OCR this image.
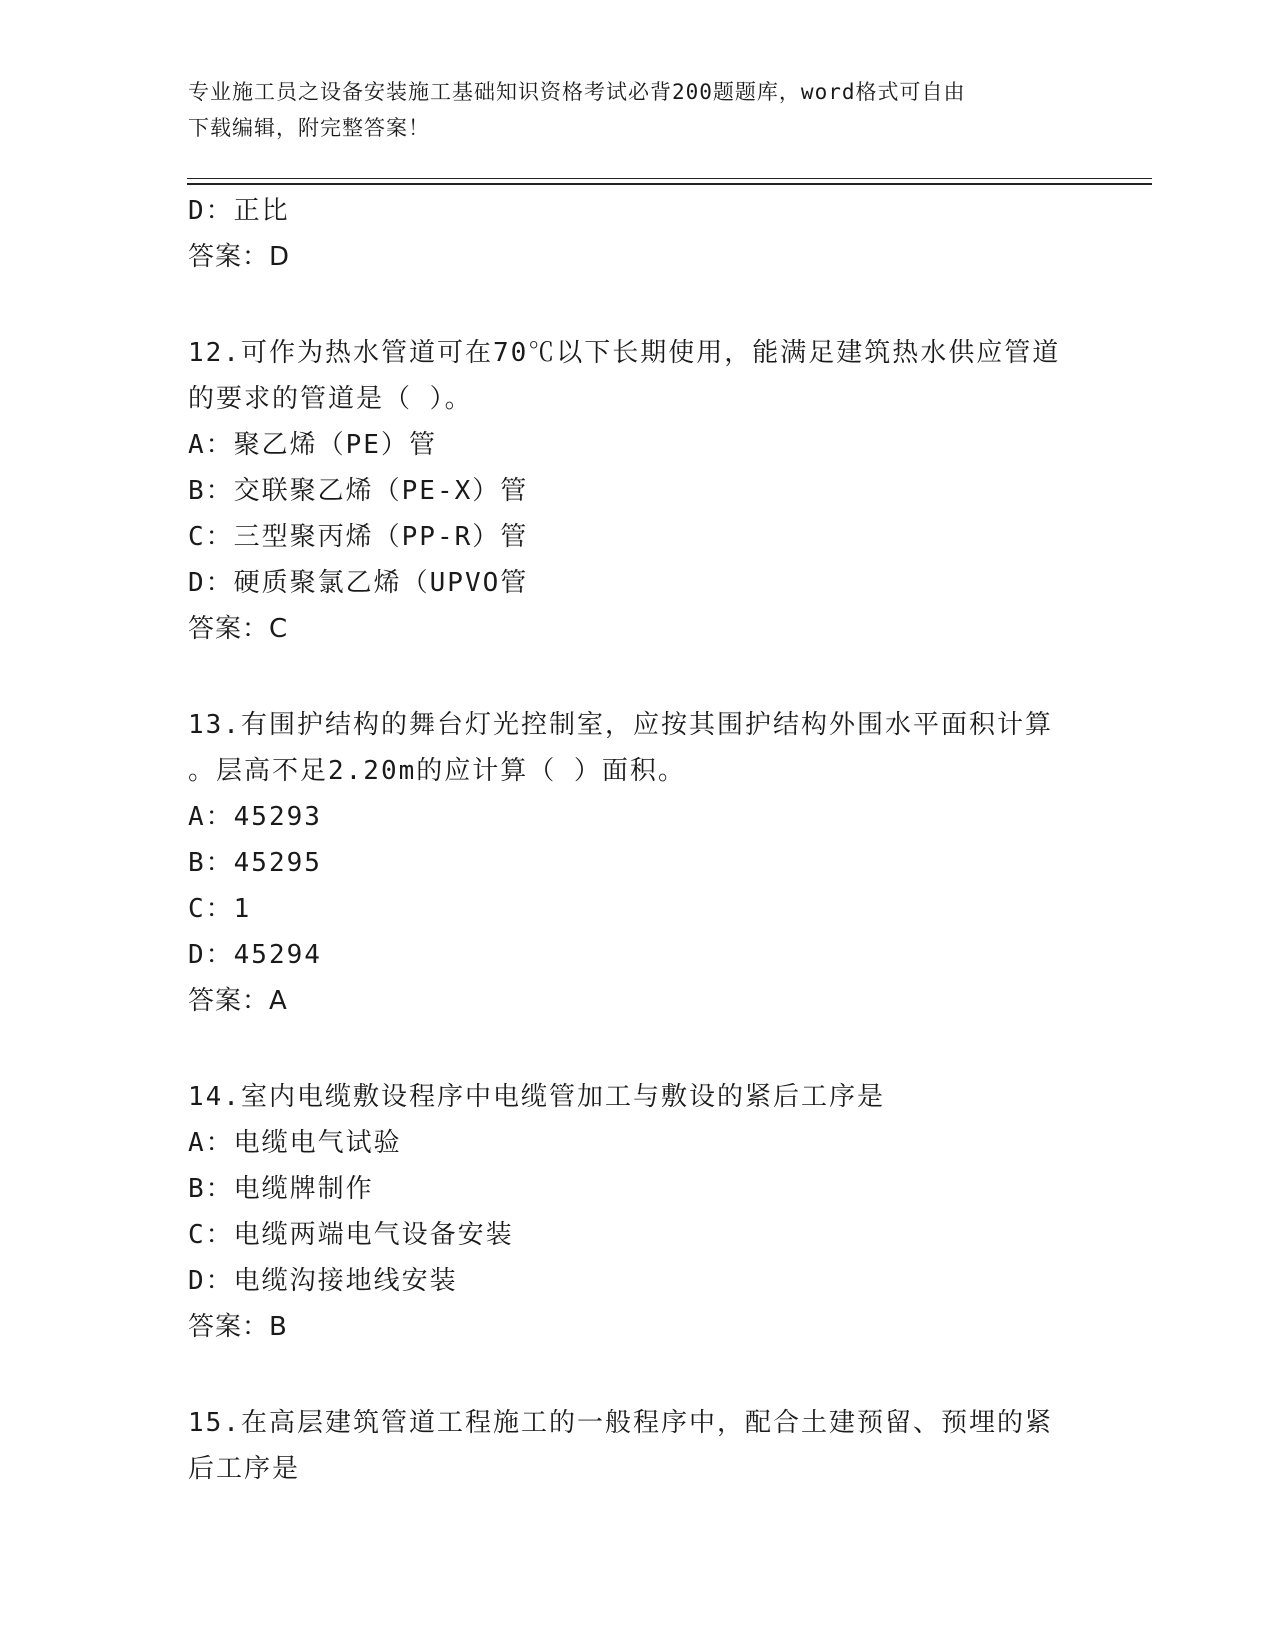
专业施工员之设备安装施工基础知识资格考试必背200题题库，word格式可自由
下载编辑，附完整答案！
D：正比
答案：D
12.可作为热水管道可在70℃以下长期使用，能满足建筑热水供应管道
的要求的管道是（ ）。
A：聚乙烯（PE）管
B：交联聚乙烯（PE-X）管
C：三型聚丙烯（PP-R）管
D：硬质聚氯乙烯（UPVO管
答案：C
13.有围护结构的舞台灯光控制室，应按其围护结构外围水平面积计算
。层高不足2.20m的应计算（ ）面积。
A：45293
B：45295
C：1
D：45294
答案：A
14.室内电缆敷设程序中电缆管加工与敷设的紧后工序是
A：电缆电气试验
B：电缆牌制作
C：电缆两端电气设备安装
D：电缆沟接地线安装
答案：B
15.在高层建筑管道工程施工的一般程序中，配合土建预留、预埋的紧
后工序是
